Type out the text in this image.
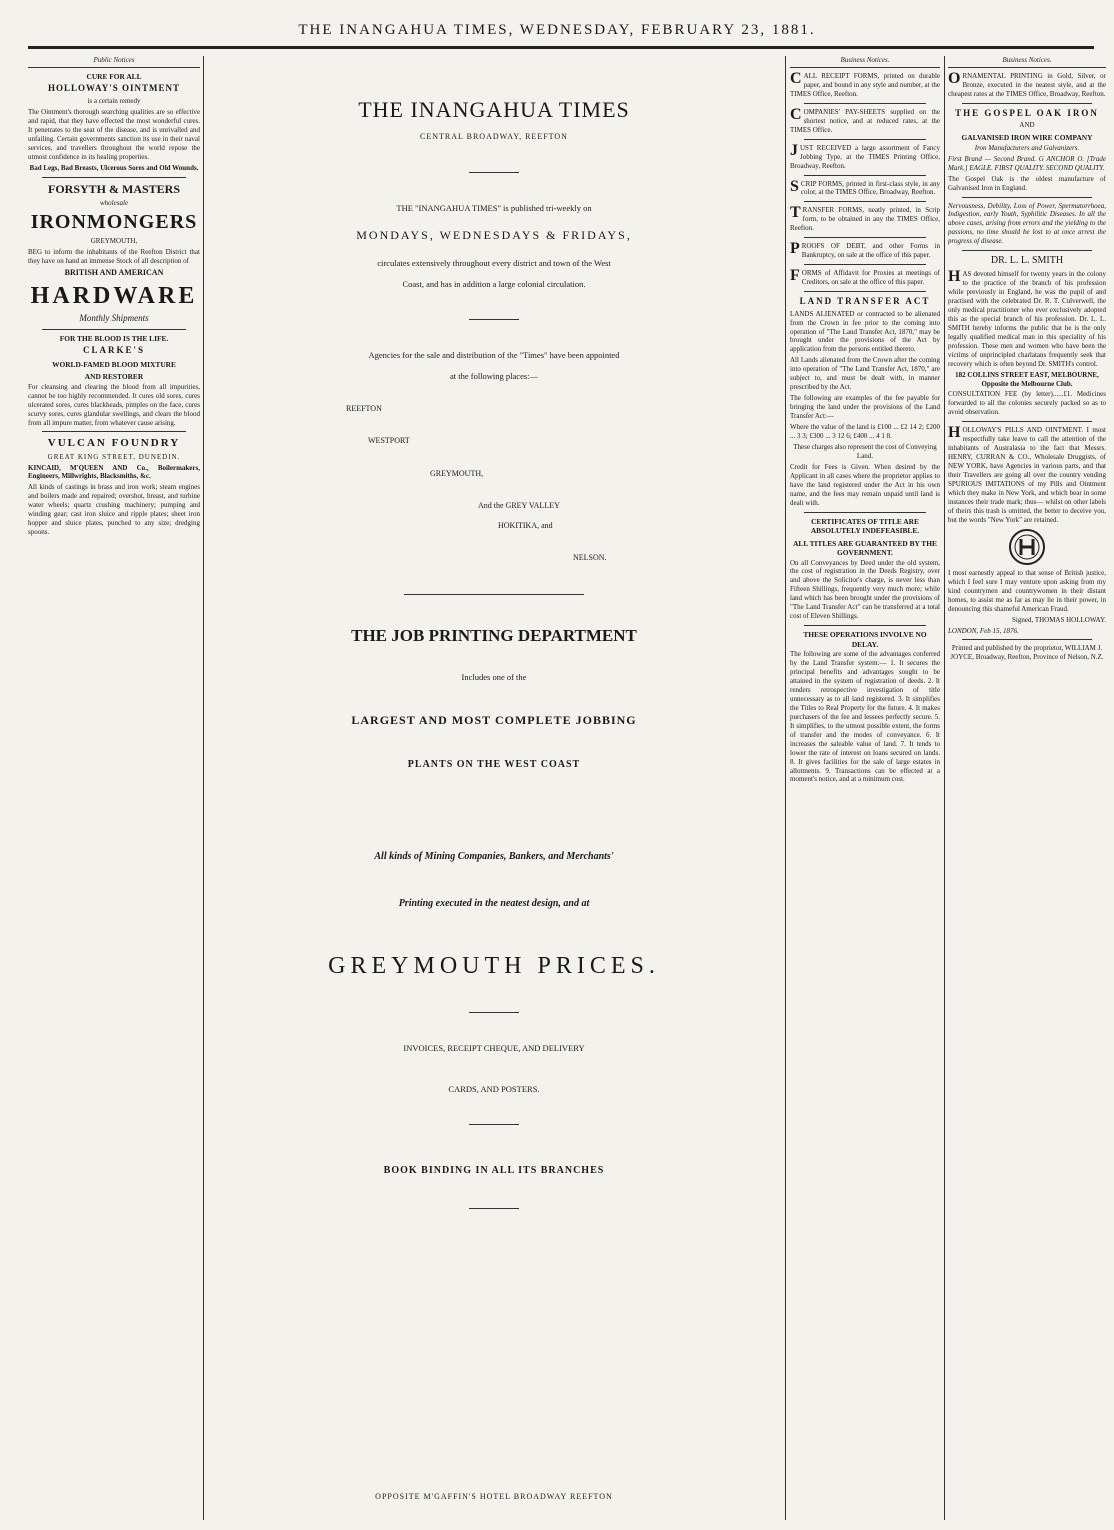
THE INANGAHUA TIMES, WEDNESDAY, FEBRUARY 23, 1881.
Public Notices
CURE FOR ALL
HOLLOWAY'S OINTMENT
is a certain remedy
The Ointment's thorough searching qualities are so effective and rapid, that they have effected the most wonderful cures. It penetrates to the seat of the disease, and is unrivalled and unfailing. Certain governments sanction its use in their naval services, and travellers throughout the world repose the utmost confidence in its healing properties.
Bad Legs, Bad Breasts, Ulcerous Sores and Old Wounds.
FORSYTH & MASTERS
wholesale
IRONMONGERS
GREYMOUTH,
BEG to inform the inhabitants of the Reefton District that they have on hand an immense Stock of all description of
BRITISH AND AMERICAN
HARDWARE
Monthly Shipments
FOR THE BLOOD IS THE LIFE.
CLARKE'S
WORLD-FAMED BLOOD MIXTURE
AND RESTORER
For cleansing and clearing the blood from all impurities, cannot be too highly recommended. It cures old sores, cures ulcerated sores, cures blackheads, pimples on the face, cures scurvy sores, cures glandular swellings, and clears the blood from all impure matter, from whatever cause arising.
VULCAN FOUNDRY
GREAT KING STREET, DUNEDIN.
KINCAID, M'QUEEN AND Co., Boilermakers, Engineers, Millwrights, Blacksmiths, &c.
All kinds of castings in brass and iron work; steam engines and boilers made and repaired; overshot, breast, and turbine water wheels; quartz crushing machinery; pumping and winding gear; cast iron sluice and ripple plates; sheet iron hopper and sluice plates, punched to any size; dredging spoons.
THE INANGAHUA TIMES
CENTRAL BROADWAY, REEFTON
THE "INANGAHUA TIMES" is published tri-weekly on
MONDAYS, WEDNESDAYS & FRIDAYS,
circulates extensively throughout every district and town of the West
Coast, and has in addition a large colonial circulation.
Agencies for the sale and distribution of the "Times" have been appointed
at the following places:—
REEFTON
WESTPORT
GREYMOUTH,
And the GREY VALLEY
HOKITIKA, and
NELSON.
THE JOB PRINTING DEPARTMENT
Includes one of the
LARGEST AND MOST COMPLETE JOBBING
PLANTS ON THE WEST COAST
All kinds of Mining Companies, Bankers, and Merchants'
Printing executed in the neatest design, and at
GREYMOUTH PRICES.
INVOICES, RECEIPT CHEQUE, AND DELIVERY
CARDS, AND POSTERS.
BOOK BINDING IN ALL ITS BRANCHES
OPPOSITE M'GAFFIN'S HOTEL BROADWAY REEFTON
Business Notices.
CALL RECEIPT FORMS, printed on durable paper, and bound in any style and number, at the TIMES Office, Reefton.
COMPANIES' PAY-SHEETS supplied on the shortest notice, and at reduced rates, at the TIMES Office.
JUST RECEIVED a large assortment of Fancy Jobbing Type, at the TIMES Printing Office, Broadway, Reefton.
SCRIP FORMS, printed in first-class style, in any color, at the TIMES Office, Broadway, Reefton.
TRANSFER FORMS, neatly printed, in Scrip form, to be obtained in any the TIMES Office, Reefton.
PROOFS OF DEBT, and other Forms in Bankruptcy, on sale at the office of this paper.
FORMS of Affidavit for Proxies at meetings of Creditors, on sale at the office of this paper.
LAND TRANSFER ACT
LANDS ALIENATED or contracted to be alienated from the Crown in fee prior to the coming into operation of "The Land Transfer Act, 1870," may be brought under the provisions of the Act by application from the persons entitled thereto.
All Lands alienated from the Crown after the coming into operation of "The Land Transfer Act, 1870," are subject to, and must be dealt with, in manner prescribed by the Act.
The following are examples of the fee payable for bringing the land under the provisions of the Land Transfer Act:—
Where the value of the land is £100 ... £2 14 2; £200 ... 3 3; £300 ... 3 12 6; £400 ... 4 1 8.
These charges also represent the cost of Conveying Land.
Credit for Fees is Given. When desired by the Applicant in all cases where the proprietor applies to have the land registered under the Act in his own name, and the fees may remain unpaid until land is dealt with.
CERTIFICATES OF TITLE ARE ABSOLUTELY INDEFEASIBLE.
ALL TITLES ARE GUARANTEED BY THE GOVERNMENT.
On all Conveyances by Deed under the old system, the cost of registration in the Deeds Registry, over and above the Solicitor's charge, is never less than Fifteen Shillings, frequently very much more; while land which has been brought under the provisions of "The Land Transfer Act" can be transferred at a total cost of Eleven Shillings.
THESE OPERATIONS INVOLVE NO DELAY.
The following are some of the advantages conferred by the Land Transfer system:— 1. It secures the principal benefits and advantages sought to be attained in the system of registration of deeds. 2. It renders retrospective investigation of title unnecessary as to all land registered. 3. It simplifies the Titles to Real Property for the future. 4. It makes purchasers of the fee and lessees perfectly secure. 5. It simplifies, to the utmost possible extent, the forms of transfer and the modes of conveyance. 6. It increases the saleable value of land. 7. It tends to lower the rate of interest on loans secured on lands. 8. It gives facilities for the sale of large estates in allotments. 9. Transactions can be effected at a moment's notice, and at a minimum cost.
Business Notices.
ORNAMENTAL PRINTING in Gold, Silver, or Bronze, executed in the neatest style, and at the cheapest rates at the TIMES Office, Broadway, Reefton.
THE GOSPEL OAK IRON
AND
GALVANISED IRON WIRE COMPANY
Iron Manufacturers and Galvanizers.
First Brand — Second Brand. G ANCHOR O. [Trade Mark.] EAGLE. FIRST QUALITY. SECOND QUALITY.
The Gospel Oak is the oldest manufacture of Galvanised Iron in England.
Nervousness, Debility, Loss of Power, Spermatorrhoea, Indigestion, early Youth, Syphilitic Diseases. In all the above cases, arising from errors and the yielding to the passions, no time should be lost to at once arrest the progress of disease.
DR. L. L. SMITH
HAS devoted himself for twenty years in the colony to the practice of the branch of his profession while previously in England, he was the pupil of and practised with the celebrated Dr. R. T. Culverwell, the only medical practitioner who ever exclusively adopted this as the special branch of his profession. Dr. L. L. SMITH hereby informs the public that he is the only legally qualified medical man in this speciality of his profession. These men and women who have been the victims of unprincipled charlatans frequently seek that recovery which is often beyond Dr. SMITH's control.
182 COLLINS STREET EAST, MELBOURNE, Opposite the Melbourne Club.
CONSULTATION FEE (by letter)......£1. Medicines forwarded to all the colonies securely packed so as to avoid observation.
HOLLOWAY'S PILLS AND OINTMENT. I most respectfully take leave to call the attention of the inhabitants of Australasia to the fact that Messrs. HENRY, CURRAN & CO., Wholesale Druggists, of NEW YORK, have Agencies in various parts, and that their Travellers are going all over the country vending SPURIOUS IMITATIONS of my Pills and Ointment which they make in New York, and which bear in some instances their trade mark; thus— whilst on other labels of theirs this trash is omitted, the better to deceive you, but the words "New York" are retained.
I most earnestly appeal to that sense of British justice, which I feel sure I may venture upon asking from my kind countrymen and countrywomen in their distant homes, to assist me as far as may lie in their power, in denouncing this shameful American Fraud.
Signed, THOMAS HOLLOWAY.
LONDON, Feb 15, 1876.
Printed and published by the proprietor, WILLIAM J. JOYCE, Broadway, Reefton, Province of Nelson, N.Z.
